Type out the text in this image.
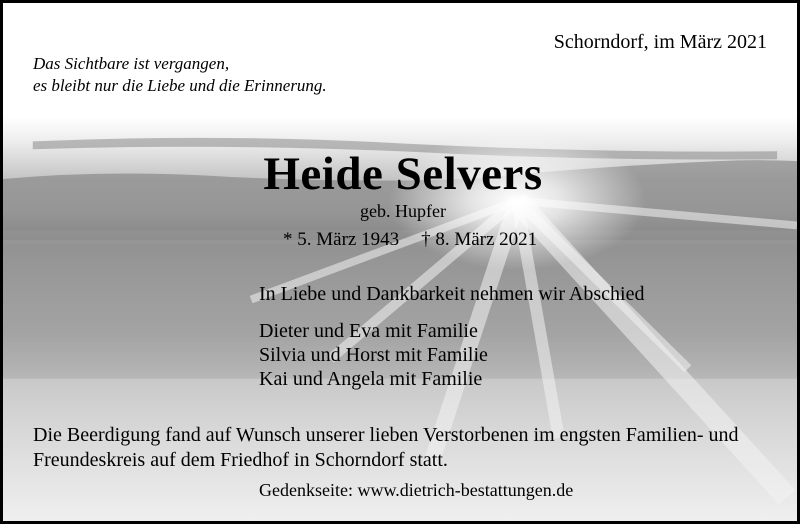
Schorndorf, im März 2021
Das Sichtbare ist vergangen,
es bleibt nur die Liebe und die Erinnerung.
Heide Selvers
geb. Hupfer
* 5. März 1943 † 8. März 2021
In Liebe und Dankbarkeit nehmen wir Abschied
Dieter und Eva mit Familie
Silvia und Horst mit Familie
Kai und Angela mit Familie
Die Beerdigung fand auf Wunsch unserer lieben Verstorbenen im engsten Familien- und
Freundeskreis auf dem Friedhof in Schorndorf statt.
Gedenkseite: www.dietrich-bestattungen.de
